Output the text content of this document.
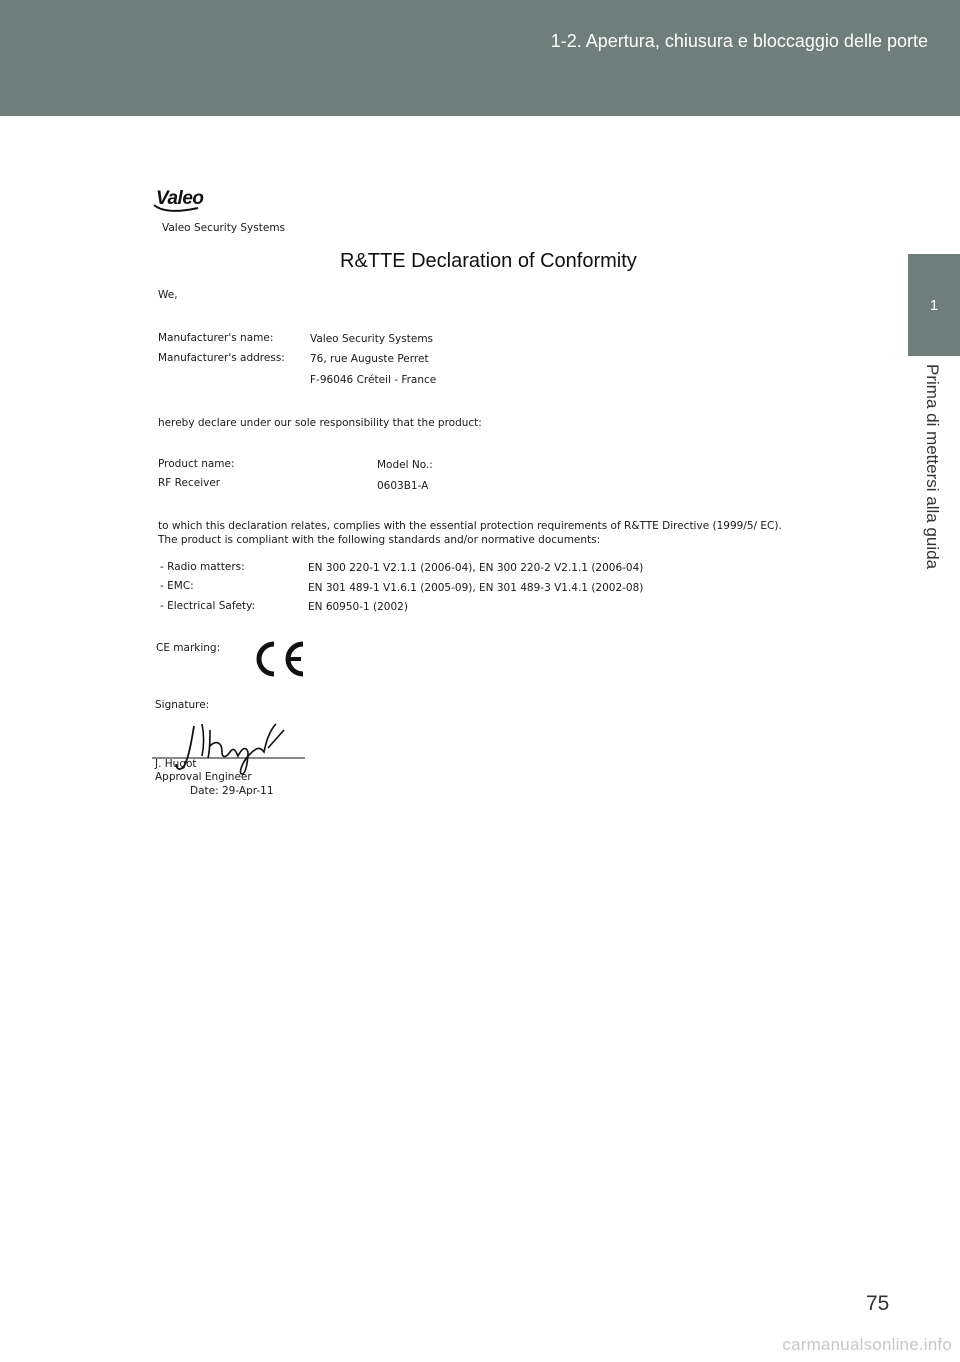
1-2. Apertura, chiusura e bloccaggio delle porte
1
Prima di mettersi alla guida
Valeo
Valeo Security Systems
R&TTE Declaration of Conformity
We,
Manufacturer's name:	Valeo Security Systems
Manufacturer's address: 76, rue Auguste Perret
F-96046 Créteil - France
hereby declare under our sole responsibility that the product:
Product name:	Model No.:
RF Receiver	0603B1-A
to which this declaration relates, complies with the essential protection requirements of R&TTE Directive (1999/5/ EC).
The product is compliant with the following standards and/or normative documents:
- Radio matters:	EN 300 220-1 V2.1.1 (2006-04), EN 300 220-2 V2.1.1 (2006-04)
- EMC:	EN 301 489-1 V1.6.1 (2005-09), EN 301 489-3 V1.4.1 (2002-08)
- Electrical Safety:	EN 60950-1 (2002)
CE marking:
Signature:
J. Hugot
Approval Engineer
Date: 29-Apr-11
75
carmanualsonline.info
